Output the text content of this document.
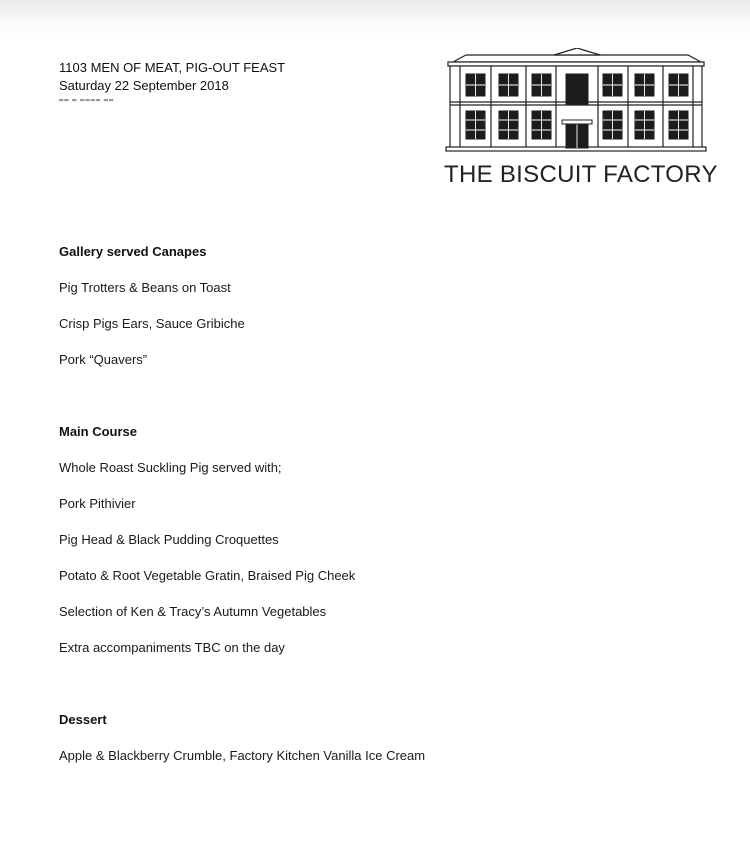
1103 MEN OF MEAT, PIG-OUT FEAST
Saturday 22 September 2018
▀▀ ▀ ▀▀▀▀ ▀▀
THE BISCUIT FACTORY
Gallery served Canapes
Pig Trotters & Beans on Toast
Crisp Pigs Ears, Sauce Gribiche
Pork “Quavers”
Main Course
Whole Roast Suckling Pig served with;
Pork Pithivier
Pig Head & Black Pudding Croquettes
Potato & Root Vegetable Gratin, Braised Pig Cheek
Selection of Ken & Tracy’s Autumn Vegetables
Extra accompaniments TBC on the day
Dessert
Apple & Blackberry Crumble, Factory Kitchen Vanilla Ice Cream
